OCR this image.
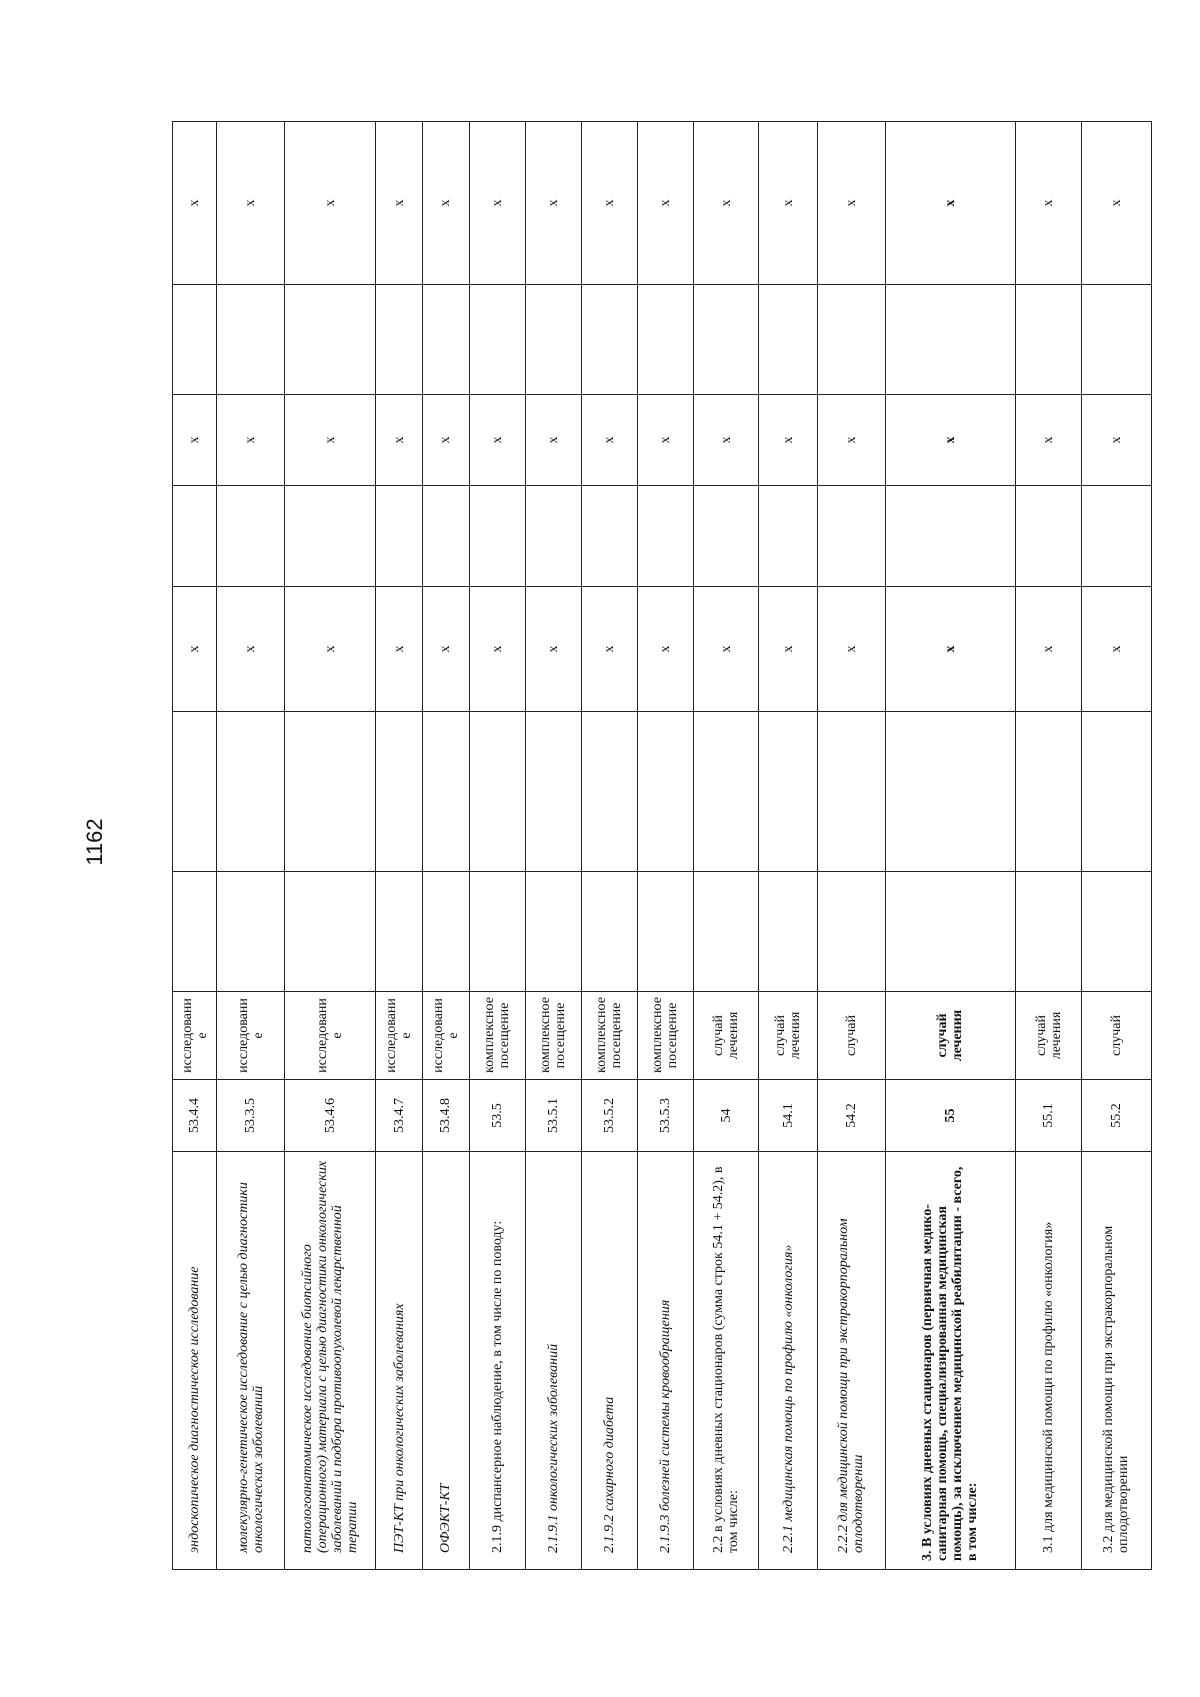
1162
эндоскопическое диагностическое исследование	53.4.4	исследовани е			x		x		x
молекулярно-генетическое исследование с целью диагностики онкологических заболеваний	53.3.5	исследовани е			x		x		x
патологоанатомическое исследование биопсийного (операционного) материала с целью диагностики онкологических заболеваний и подбора противоопухолевой лекарственной терапии	53.4.6	исследовани е			x		x		x
ПЭТ-КТ при онкологических заболеваниях	53.4.7	исследовани е			x		x		x
ОФЭКТ-КТ	53.4.8	исследовани е			x		x		x
2.1.9 диспансерное наблюдение, в том числе по поводу:	53.5	комплексное посещение			x		x		x
2.1.9.1 онкологических заболеваний	53.5.1	комплексное посещение			x		x		x
2.1.9.2 сахарного диабета	53.5.2	комплексное посещение			x		x		x
2.1.9.3 болезней системы кровообращения	53.5.3	комплексное посещение			x		x		x
2.2 в условиях дневных стационаров (сумма строк 54.1 + 54.2), в том числе:	54	случай лечения			x		x		x
2.2.1 медицинская помощь по профилю «онкология»	54.1	случай лечения			x		x		x
2.2.2 для медицинской помощи при экстракорпоральном оплодотворении	54.2	случай			x		x		x
3. В условиях дневных стационаров (первичная медико-санитарная помощь, специализированная медицинская помощь), за исключением медицинской реабилитации - всего, в том числе:	55	случай лечения			x		x		x
3.1 для медицинской помощи по профилю «онкология»	55.1	случай лечения			x		x		x
3.2 для медицинской помощи при экстракорпоральном оплодотворении	55.2	случай			x		x		x
